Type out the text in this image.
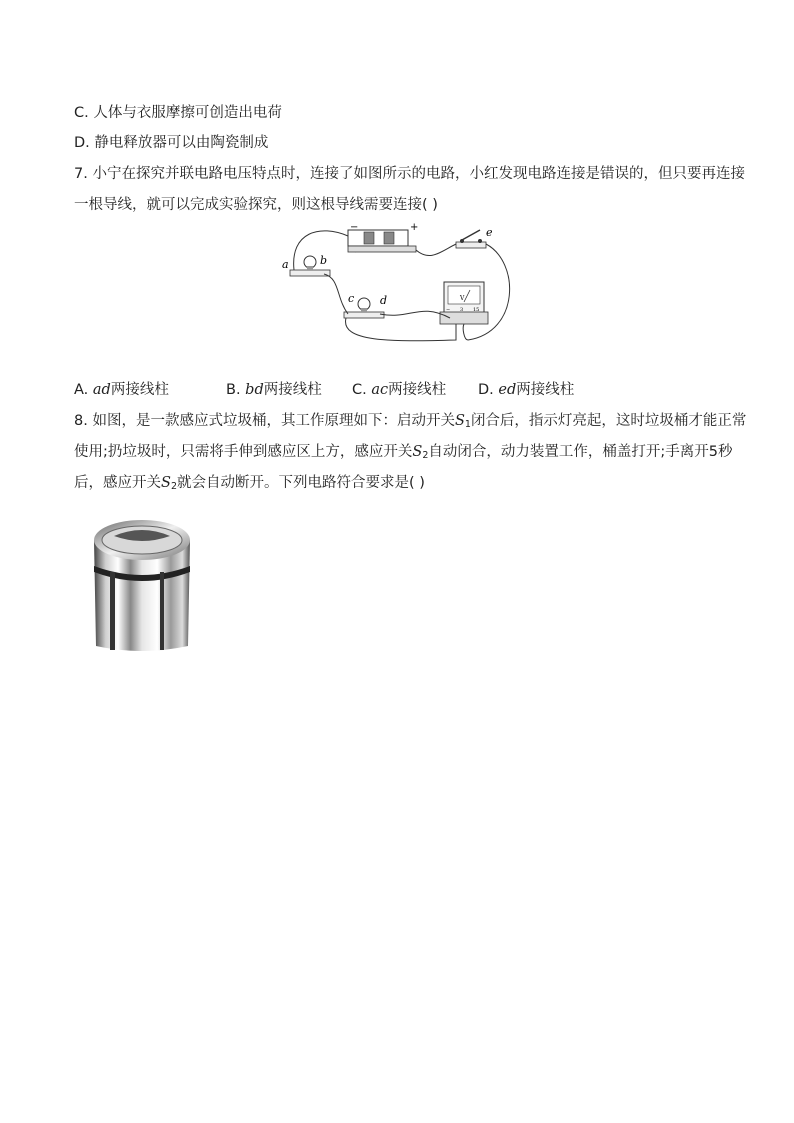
C. 人体与衣服摩擦可创造出电荷
D. 静电释放器可以由陶瓷制成
7. 小宁在探究并联电路电压特点时，连接了如图所示的电路，小红发现电路连接是错误的，但只要再连接
一根导线，就可以完成实验探究，则这根导线需要连接( )
−	+	e
a	b
c d	V
− 3 15
A. ad两接线柱	B. bd两接线柱 C. ac两接线柱 D. ed两接线柱
8. 如图，是一款感应式垃圾桶，其工作原理如下：启动开关$S_1$闭合后，指示灯亮起，这时垃圾桶才能正常
使用;扔垃圾时，只需将手伸到感应区上方，感应开关$S_2$自动闭合，动力装置工作，桶盖打开;手离开5秒
后，感应开关$S_2$就会自动断开。下列电路符合要求是( )
